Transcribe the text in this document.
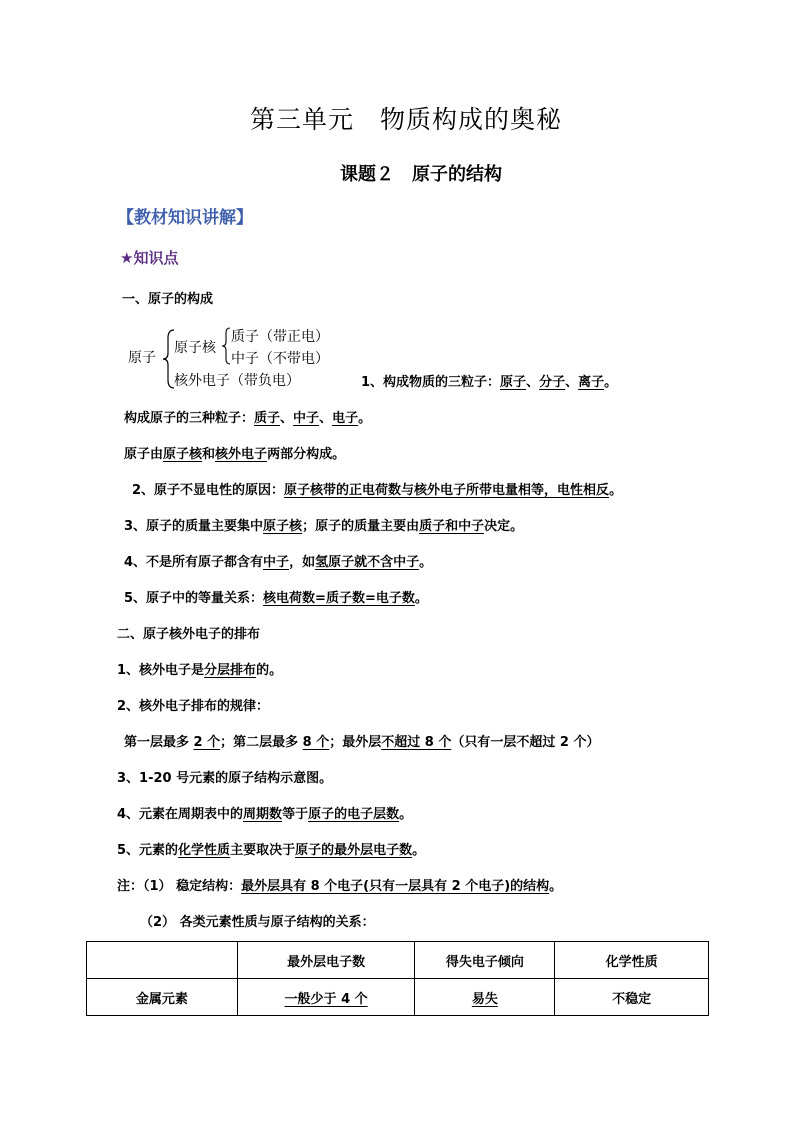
第三单元　物质构成的奥秘
课题２　原子的结构
【教材知识讲解】
★知识点
一、原子的构成
原子
原子核
质子（带正电）
中子（不带电）
核外电子（带负电）	1、构成物质的三粒子：原子、分子、离子。
构成原子的三种粒子：质子、中子、电子。
原子由原子核和核外电子两部分构成。
2、原子不显电性的原因：原子核带的正电荷数与核外电子所带电量相等，电性相反。
3、原子的质量主要集中原子核；原子的质量主要由质子和中子决定。
4、不是所有原子都含有中子，如氢原子就不含中子。
5、原子中的等量关系：核电荷数=质子数=电子数。
二、原子核外电子的排布
1、核外电子是分层排布的。
2、核外电子排布的规律：
第一层最多 2 个；第二层最多 8 个；最外层不超过 8 个（只有一层不超过 2 个）
3、1-20 号元素的原子结构示意图。
4、元素在周期表中的周期数等于原子的电子层数。
5、元素的化学性质主要取决于原子的最外层电子数。
注：（1） 稳定结构：最外层具有 8 个电子(只有一层具有 2 个电子)的结构。
（2） 各类元素性质与原子结构的关系：
	最外层电子数	得失电子倾向	化学性质
金属元素	一般少于 4 个	易失	不稳定
